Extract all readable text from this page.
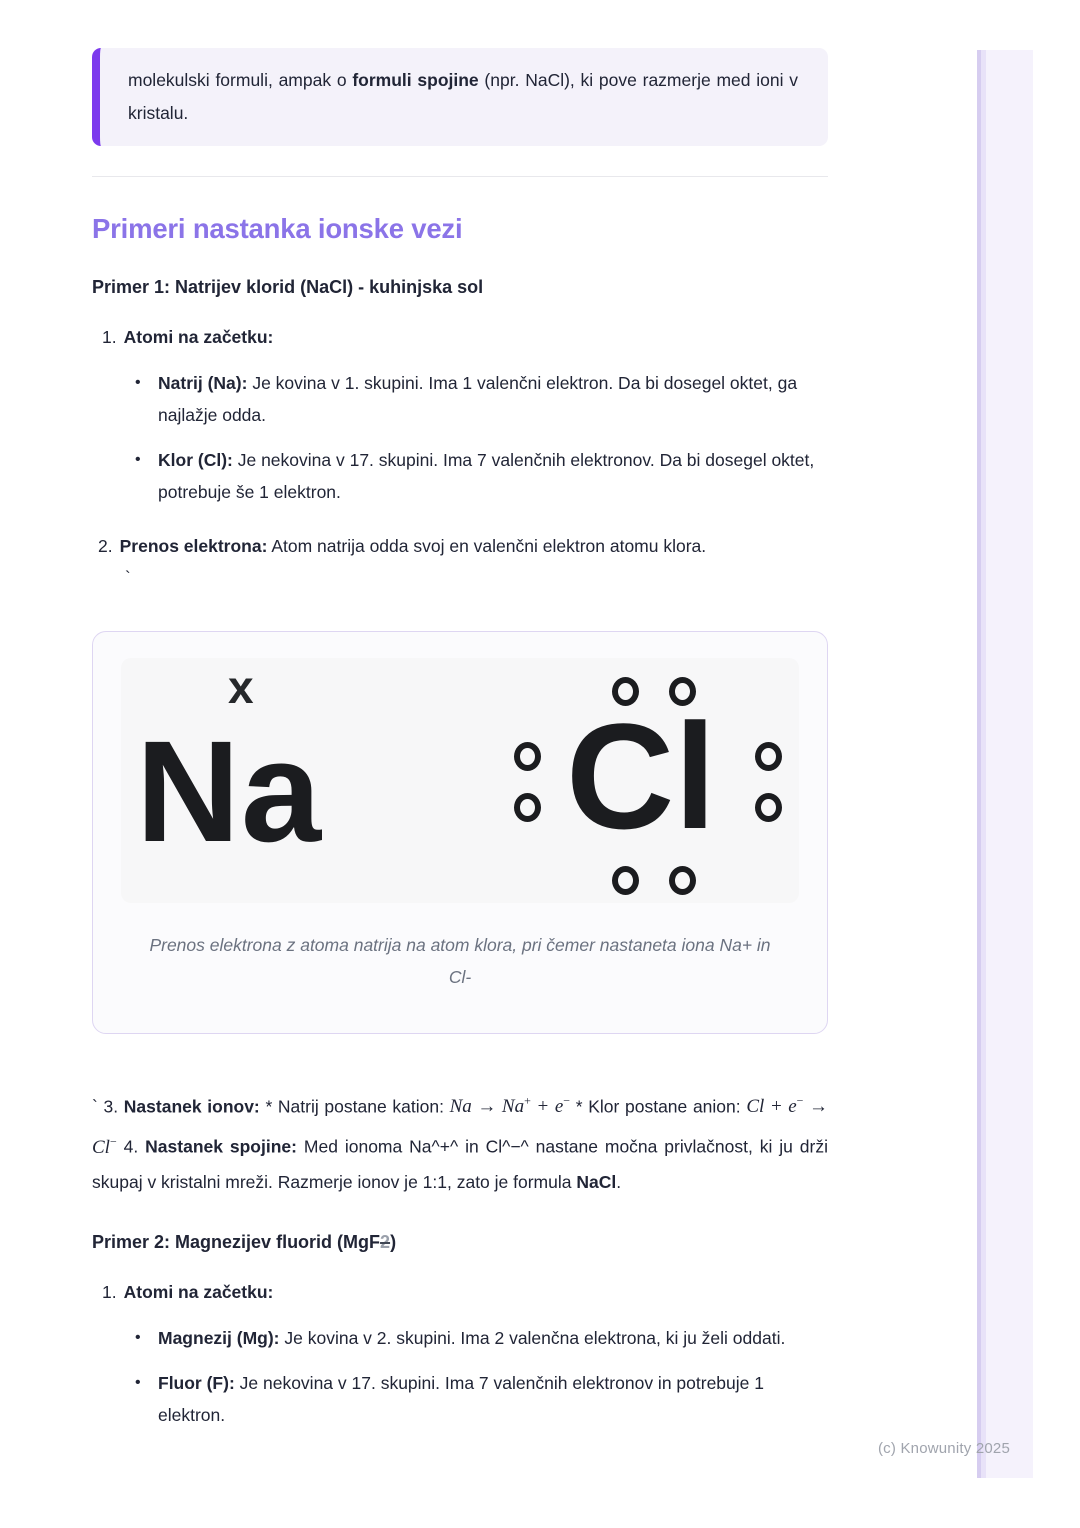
(c) Knowunity 2025
molekulski formuli, ampak o formuli spojine (npr. NaCl), ki pove razmerje med ioni v kristalu.
Primeri nastanka ionske vezi
Primer 1: Natrijev klorid (NaCl) - kuhinjska sol
1. Atomi na začetku:
• Natrij (Na): Je kovina v 1. skupini. Ima 1 valenčni elektron. Da bi dosegel oktet, ga najlažje odda.
• Klor (Cl): Je nekovina v 17. skupini. Ima 7 valenčnih elektronov. Da bi dosegel oktet, potrebuje še 1 elektron.
2. Prenos elektrona: Atom natrija odda svoj en valenčni elektron atomu klora.
`
x
Na Cl
Prenos elektrona z atoma natrija na atom klora, pri čemer nastaneta iona Na+ in Cl-
` 3. Nastanek ionov: * Natrij postane kation: Na → Na+ + e− * Klor postane anion: Cl + e− → Cl− 4. Nastanek spojine: Med ionoma Na^+^ in Cl^−^ nastane močna privlačnost, ki ju drži skupaj v kristalni mreži. Razmerje ionov je 1:1, zato je formula NaCl.
Primer 2: Magnezijev fluorid (MgF2)
1. Atomi na začetku:
• Magnezij (Mg): Je kovina v 2. skupini. Ima 2 valenčna elektrona, ki ju želi oddati.
• Fluor (F): Je nekovina v 17. skupini. Ima 7 valenčnih elektronov in potrebuje 1 elektron.
